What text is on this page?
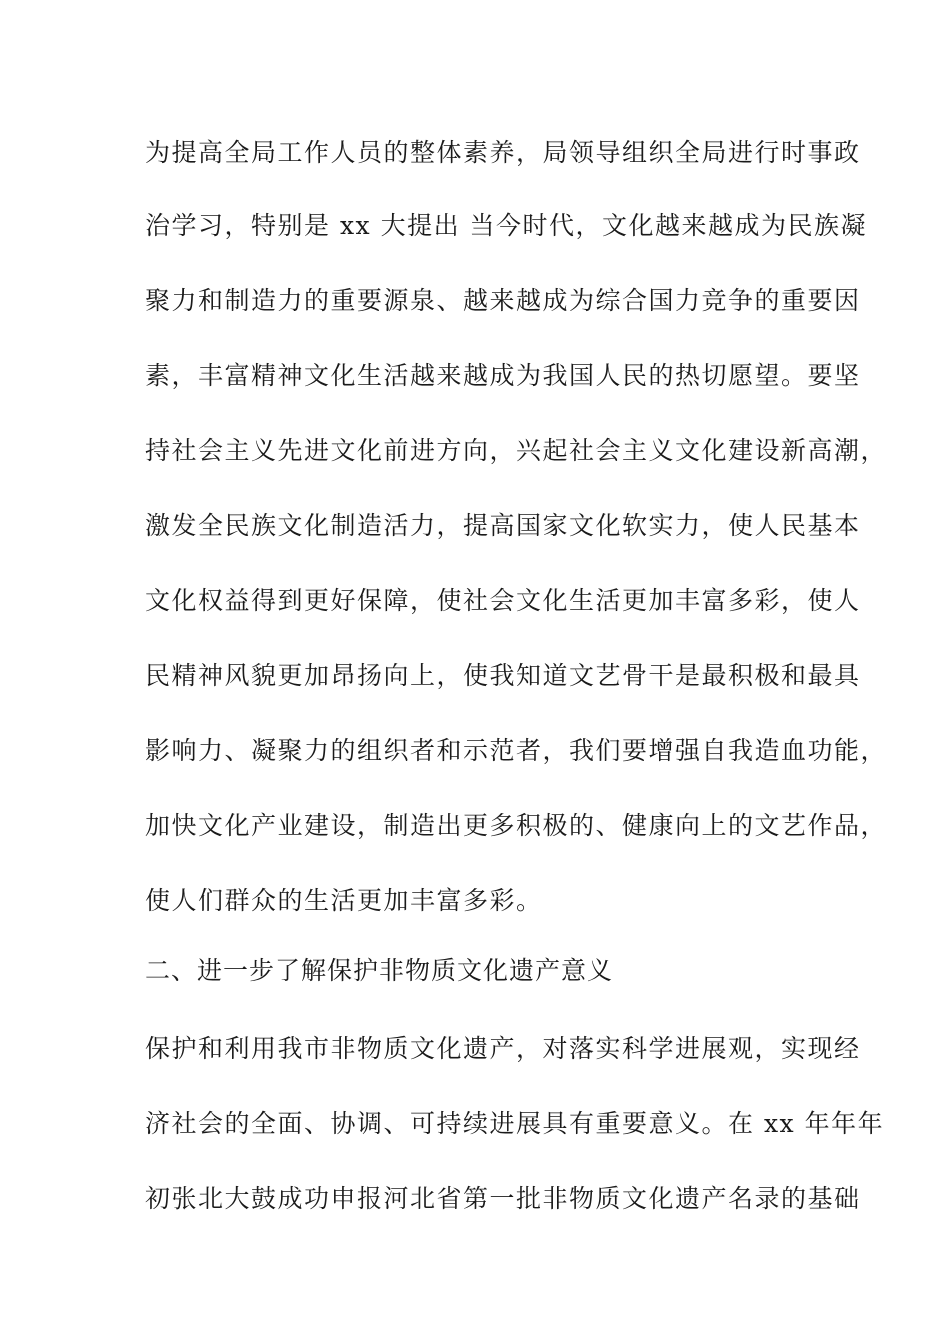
为提高全局工作人员的整体素养，局领导组织全局进行时事政
治学习，特别是 xx 大提出 当今时代，文化越来越成为民族凝
聚力和制造力的重要源泉、越来越成为综合国力竞争的重要因
素，丰富精神文化生活越来越成为我国人民的热切愿望。要坚
持社会主义先进文化前进方向，兴起社会主义文化建设新高潮，
激发全民族文化制造活力，提高国家文化软实力，使人民基本
文化权益得到更好保障，使社会文化生活更加丰富多彩，使人
民精神风貌更加昂扬向上，使我知道文艺骨干是最积极和最具
影响力、凝聚力的组织者和示范者，我们要增强自我造血功能，
加快文化产业建设，制造出更多积极的、健康向上的文艺作品，
使人们群众的生活更加丰富多彩。
二、进一步了解保护非物质文化遗产意义
保护和利用我市非物质文化遗产，对落实科学进展观，实现经
济社会的全面、协调、可持续进展具有重要意义。在 xx 年年年
初张北大鼓成功申报河北省第一批非物质文化遗产名录的基础
